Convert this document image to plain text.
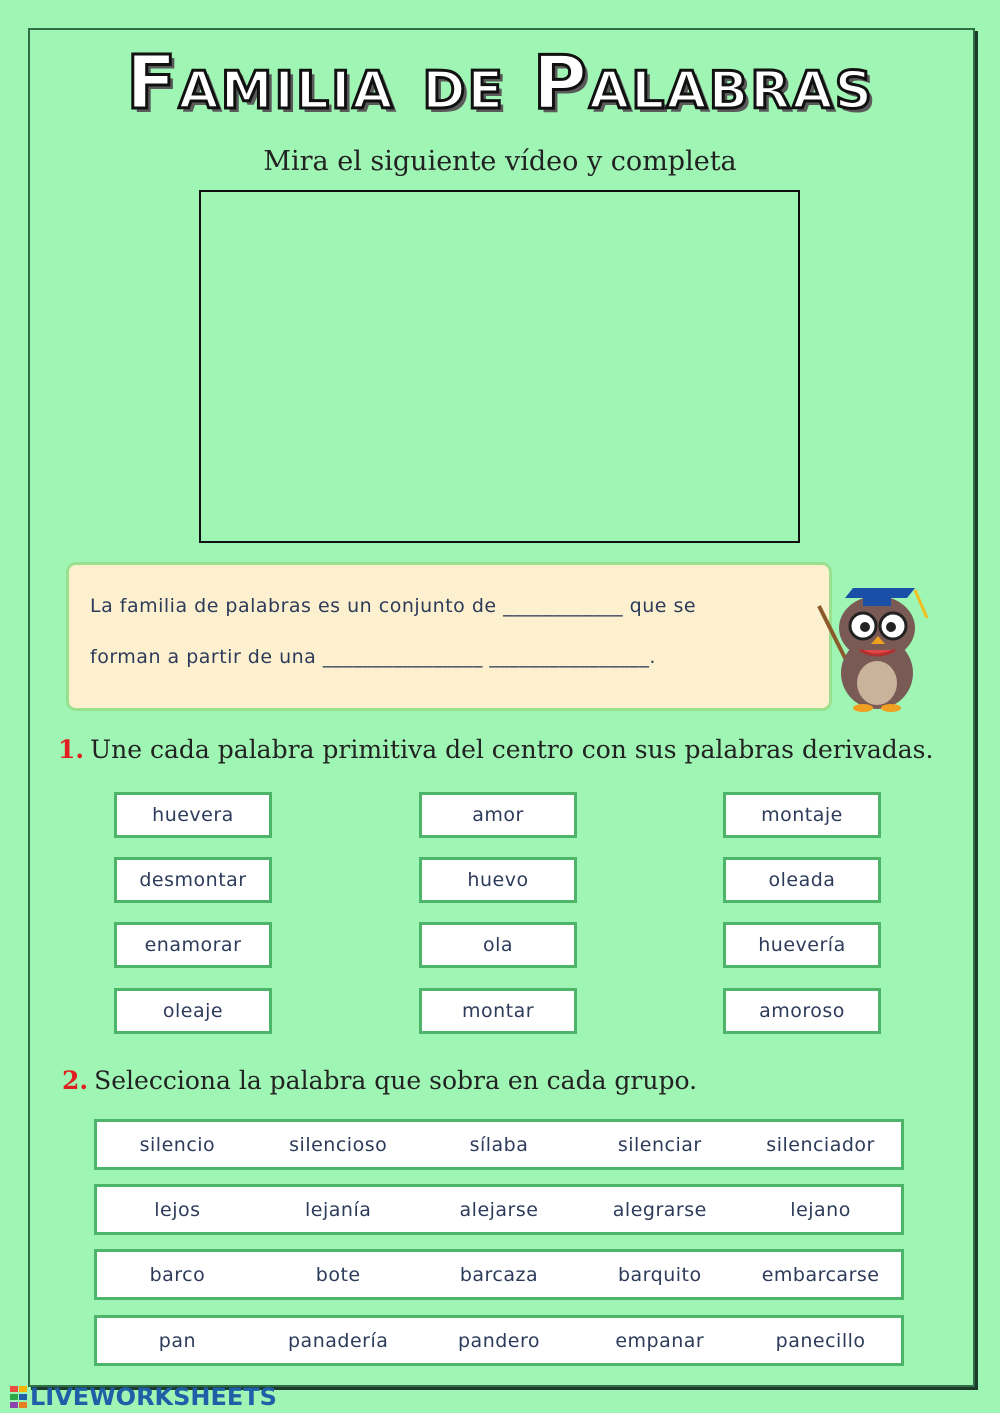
Familia de Palabras
Mira el siguiente vídeo y completa
La familia de palabras es un conjunto de ____________ que se
forman a partir de una ________________ ________________.
1. Une cada palabra primitiva del centro con sus palabras derivadas.
huevera
desmontar
enamorar
oleaje
amor
huevo
ola
montar
montaje
oleada
huevería
amoroso
2. Selecciona la palabra que sobra en cada grupo.
silencio	silencioso	sílaba	silenciar	silenciador
lejos	lejanía	alejarse	alegrarse	lejano
barco	bote	barcaza	barquito	embarcarse
pan	panadería	pandero	empanar	panecillo
LIVEWORKSHEETS
